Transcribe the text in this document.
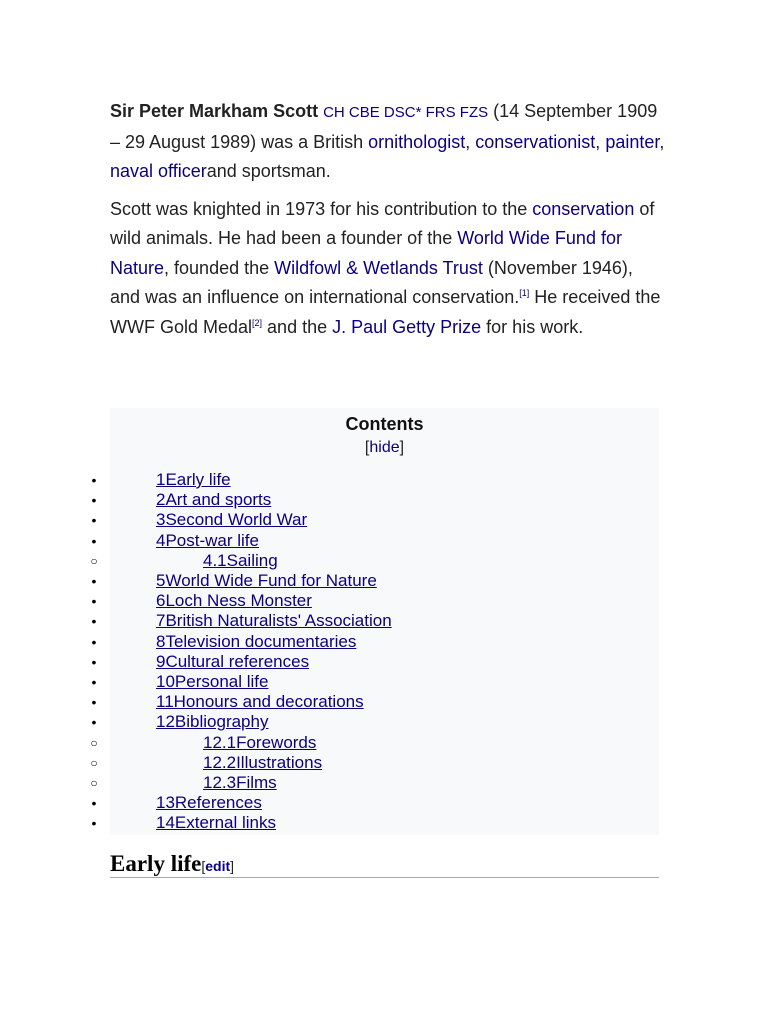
Sir Peter Markham Scott CH CBE DSC* FRS FZS (14 September 1909 – 29 August 1989) was a British ornithologist, conservationist, painter, naval officerand sportsman.

Scott was knighted in 1973 for his contribution to the conservation of wild animals. He had been a founder of the World Wide Fund for Nature, founded the Wildfowl & Wetlands Trust (November 1946), and was an influence on international conservation.[1] He received the WWF Gold Medal[2] and the J. Paul Getty Prize for his work.

Contents
[hide]
•	1Early life
•	2Art and sports
•	3Second World War
•	4Post-war life
○	4.1Sailing
•	5World Wide Fund for Nature
•	6Loch Ness Monster
•	7British Naturalists' Association
•	8Television documentaries
•	9Cultural references
•	10Personal life
•	11Honours and decorations
•	12Bibliography
○	12.1Forewords
○	12.2Illustrations
○	12.3Films
•	13References
•	14External links
Early life[edit]
